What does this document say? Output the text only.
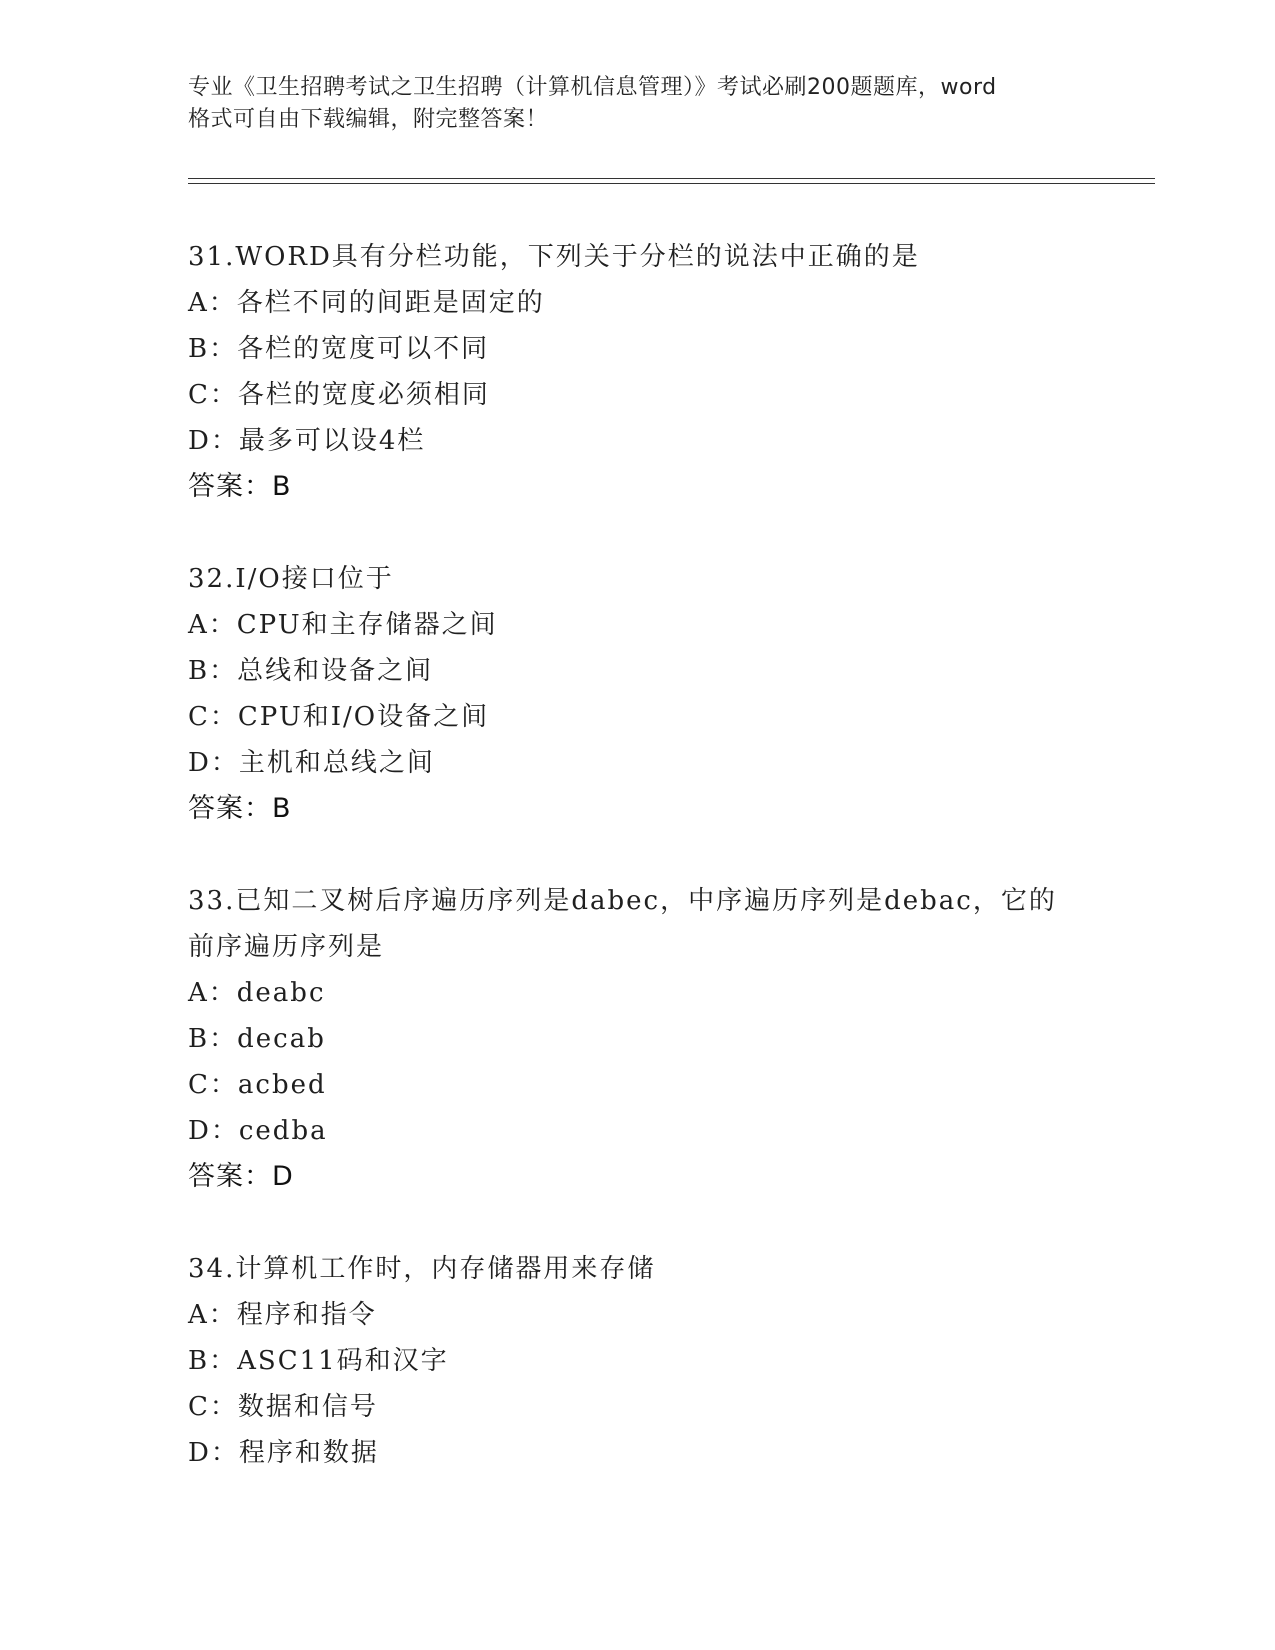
专业《卫生招聘考试之卫生招聘（计算机信息管理）》考试必刷200题题库，word
格式可自由下载编辑，附完整答案！
31.WORD具有分栏功能，下列关于分栏的说法中正确的是
A：各栏不同的间距是固定的
B：各栏的宽度可以不同
C：各栏的宽度必须相同
D：最多可以设4栏
答案：B
32.I/O接口位于
A：CPU和主存储器之间
B：总线和设备之间
C：CPU和I/O设备之间
D：主机和总线之间
答案：B
33.已知二叉树后序遍历序列是dabec，中序遍历序列是debac，它的
前序遍历序列是
A：deabc
B：decab
C：acbed
D：cedba
答案：D
34.计算机工作时，内存储器用来存储
A：程序和指令
B：ASC11码和汉字
C：数据和信号
D：程序和数据
